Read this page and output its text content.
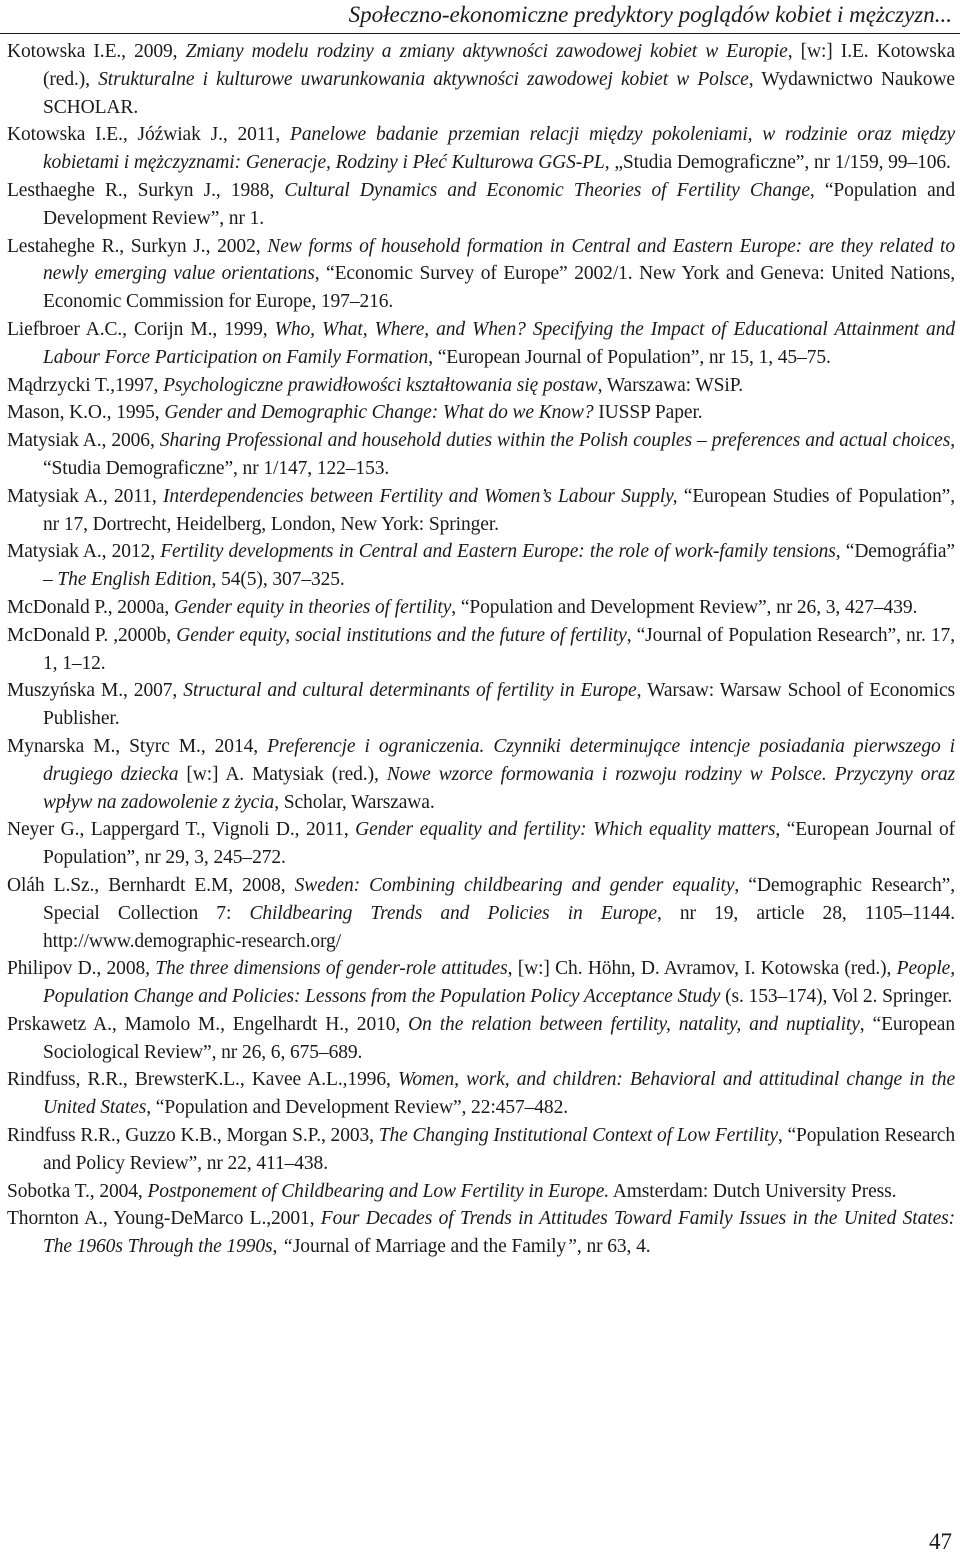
Społeczno-ekonomiczne predyktory poglądów kobiet i mężczyzn...
Kotowska I.E., 2009, Zmiany modelu rodziny a zmiany aktywności zawodowej kobiet w Europie, [w:] I.E. Kotowska (red.), Strukturalne i kulturowe uwarunkowania aktywności zawodowej kobiet w Polsce, Wydawnictwo Naukowe SCHOLAR.
Kotowska I.E., Jóźwiak J., 2011, Panelowe badanie przemian relacji między pokoleniami, w rodzinie oraz między kobietami i mężczyznami: Generacje, Rodziny i Płeć Kulturowa GGS-PL, „Studia Demograficzne”, nr 1/159, 99–106.
Lesthaeghe R., Surkyn J., 1988, Cultural Dynamics and Economic Theories of Fertility Change, “Population and Development Review”, nr 1.
Lestaheghe R., Surkyn J., 2002, New forms of household formation in Central and Eastern Europe: are they related to newly emerging value orientations, “Economic Survey of Europe” 2002/1. New York and Geneva: United Nations, Economic Commission for Europe, 197–216.
Liefbroer A.C., Corijn M., 1999, Who, What, Where, and When? Specifying the Impact of Educational Attainment and Labour Force Participation on Family Formation, “European Journal of Population”, nr 15, 1, 45–75.
Mądrzycki T.,1997, Psychologiczne prawidłowości kształtowania się postaw, Warszawa: WSiP.
Mason, K.O., 1995, Gender and Demographic Change: What do we Know? IUSSP Paper.
Matysiak A., 2006, Sharing Professional and household duties within the Polish couples – preferences and actual choices, “Studia Demograficzne”, nr 1/147, 122–153.
Matysiak A., 2011, Interdependencies between Fertility and Women’s Labour Supply, “European Studies of Population”, nr 17, Dortrecht, Heidelberg, London, New York: Springer.
Matysiak A., 2012, Fertility developments in Central and Eastern Europe: the role of work-family tensions, “Demográfia” – The English Edition, 54(5), 307–325.
McDonald P., 2000a, Gender equity in theories of fertility, “Population and Development Review”, nr 26, 3, 427–439.
McDonald P. ,2000b, Gender equity, social institutions and the future of fertility, “Journal of Population Research”, nr. 17, 1, 1–12.
Muszyńska M., 2007, Structural and cultural determinants of fertility in Europe, Warsaw: Warsaw School of Economics Publisher.
Mynarska M., Styrc M., 2014, Preferencje i ograniczenia. Czynniki determinujące intencje posiadania pierwszego i drugiego dziecka [w:] A. Matysiak (red.), Nowe wzorce formowania i rozwoju rodziny w Polsce. Przyczyny oraz wpływ na zadowolenie z życia, Scholar, Warszawa.
Neyer G., Lappergard T., Vignoli D., 2011, Gender equality and fertility: Which equality matters, “European Journal of Population”, nr 29, 3, 245–272.
Oláh L.Sz., Bernhardt E.M, 2008, Sweden: Combining childbearing and gender equality, “Demographic Research”, Special Collection 7: Childbearing Trends and Policies in Europe, nr 19, article 28, 1105–1144. http://www.demographic-research.org/
Philipov D., 2008, The three dimensions of gender-role attitudes, [w:] Ch. Höhn, D. Avramov, I. Kotowska (red.), People, Population Change and Policies: Lessons from the Population Policy Acceptance Study (s. 153–174), Vol 2. Springer.
Prskawetz A., Mamolo M., Engelhardt H., 2010, On the relation between fertility, natality, and nuptiality, “European Sociological Review”, nr 26, 6, 675–689.
Rindfuss, R.R., BrewsterK.L., Kavee A.L.,1996, Women, work, and children: Behavioral and attitudinal change in the United States, “Population and Development Review”, 22:457–482.
Rindfuss R.R., Guzzo K.B., Morgan S.P., 2003, The Changing Institutional Context of Low Fertility, “Population Research and Policy Review”, nr 22, 411–438.
Sobotka T., 2004, Postponement of Childbearing and Low Fertility in Europe. Amsterdam: Dutch University Press.
Thornton A., Young-DeMarco L.,2001, Four Decades of Trends in Attitudes Toward Family Issues in the United States: The 1960s Through the 1990s, “Journal of Marriage and the Family”, nr 63, 4.
47
